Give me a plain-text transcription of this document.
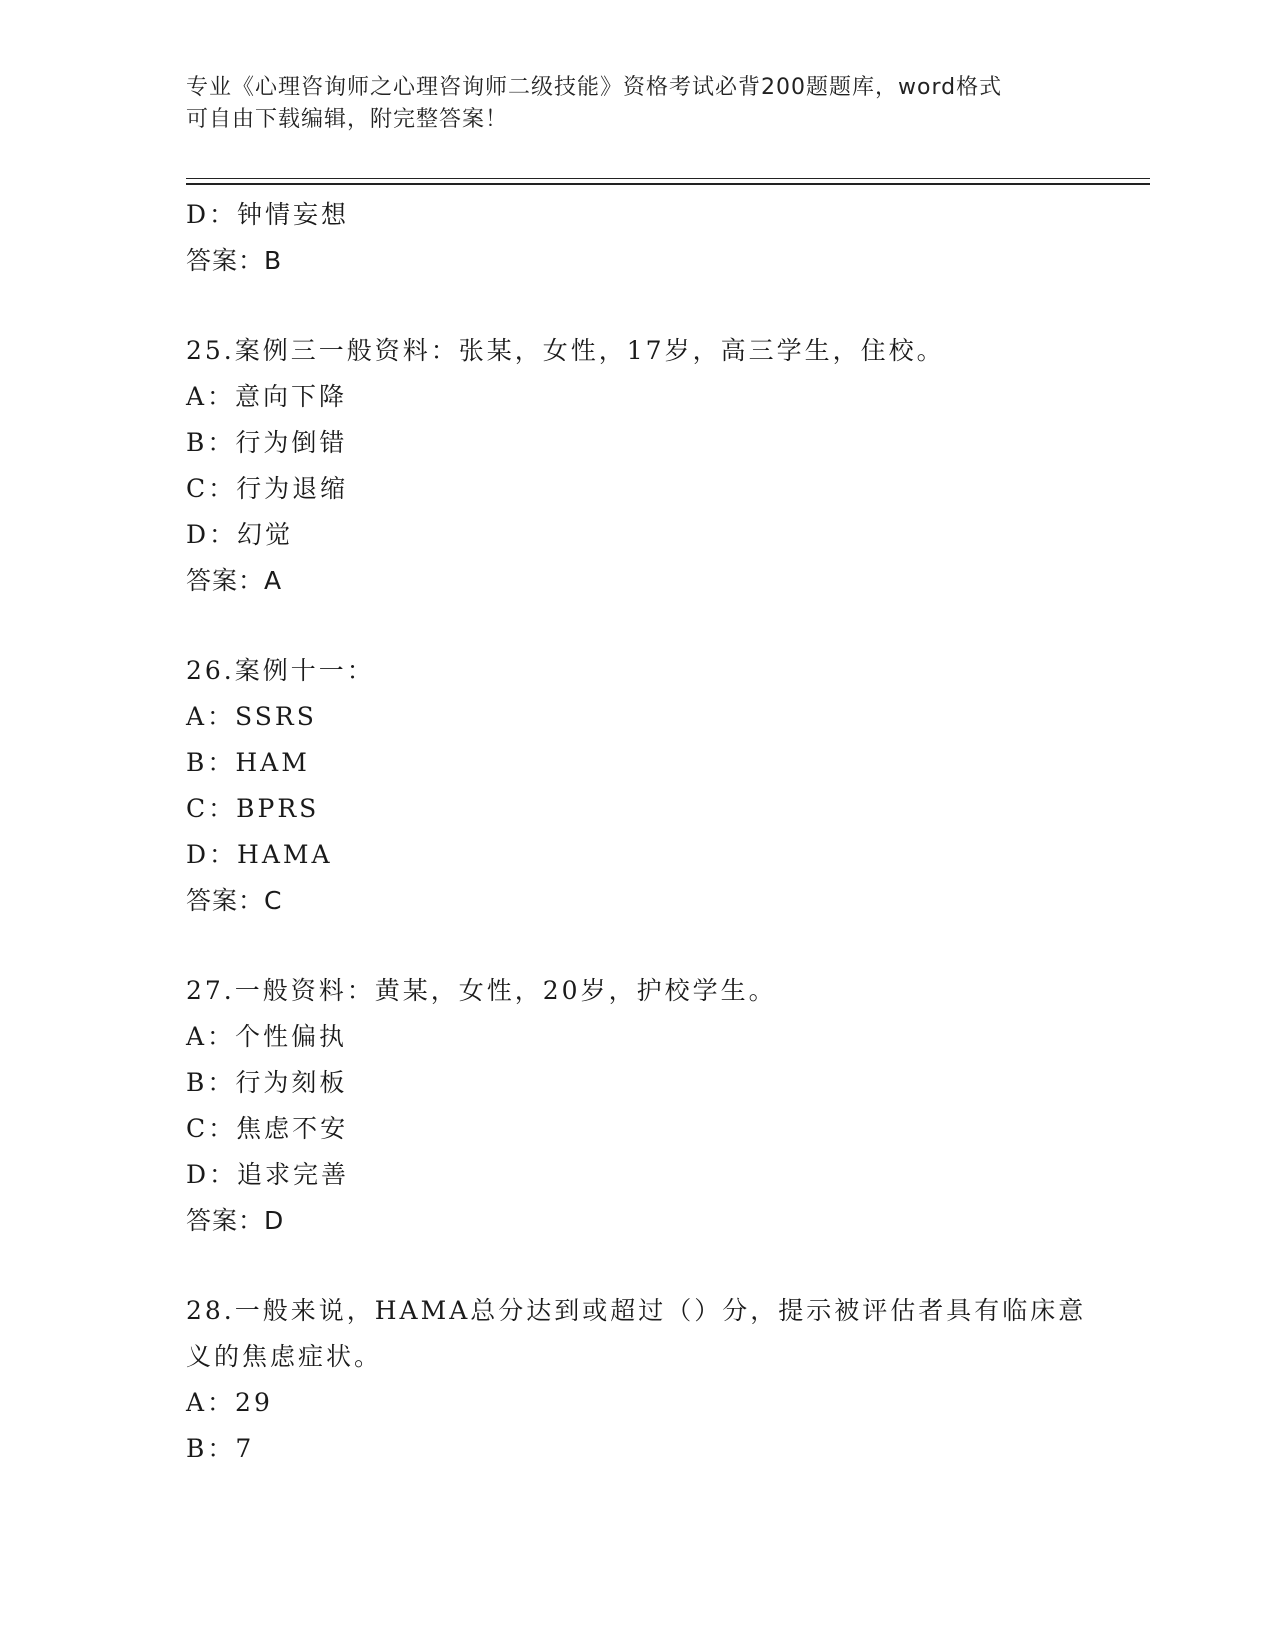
专业《心理咨询师之心理咨询师二级技能》资格考试必背200题题库，word格式
可自由下载编辑，附完整答案！
D：钟情妄想
答案：B
25.案例三一般资料：张某，女性，17岁，高三学生，住校。
A：意向下降
B：行为倒错
C：行为退缩
D：幻觉
答案：A
26.案例十一：
A：SSRS
B：HAM
C：BPRS
D：HAMA
答案：C
27.一般资料：黄某，女性，20岁，护校学生。
A：个性偏执
B：行为刻板
C：焦虑不安
D：追求完善
答案：D
28.一般来说，HAMA总分达到或超过（）分，提示被评估者具有临床意
义的焦虑症状。
A：29
B：7
